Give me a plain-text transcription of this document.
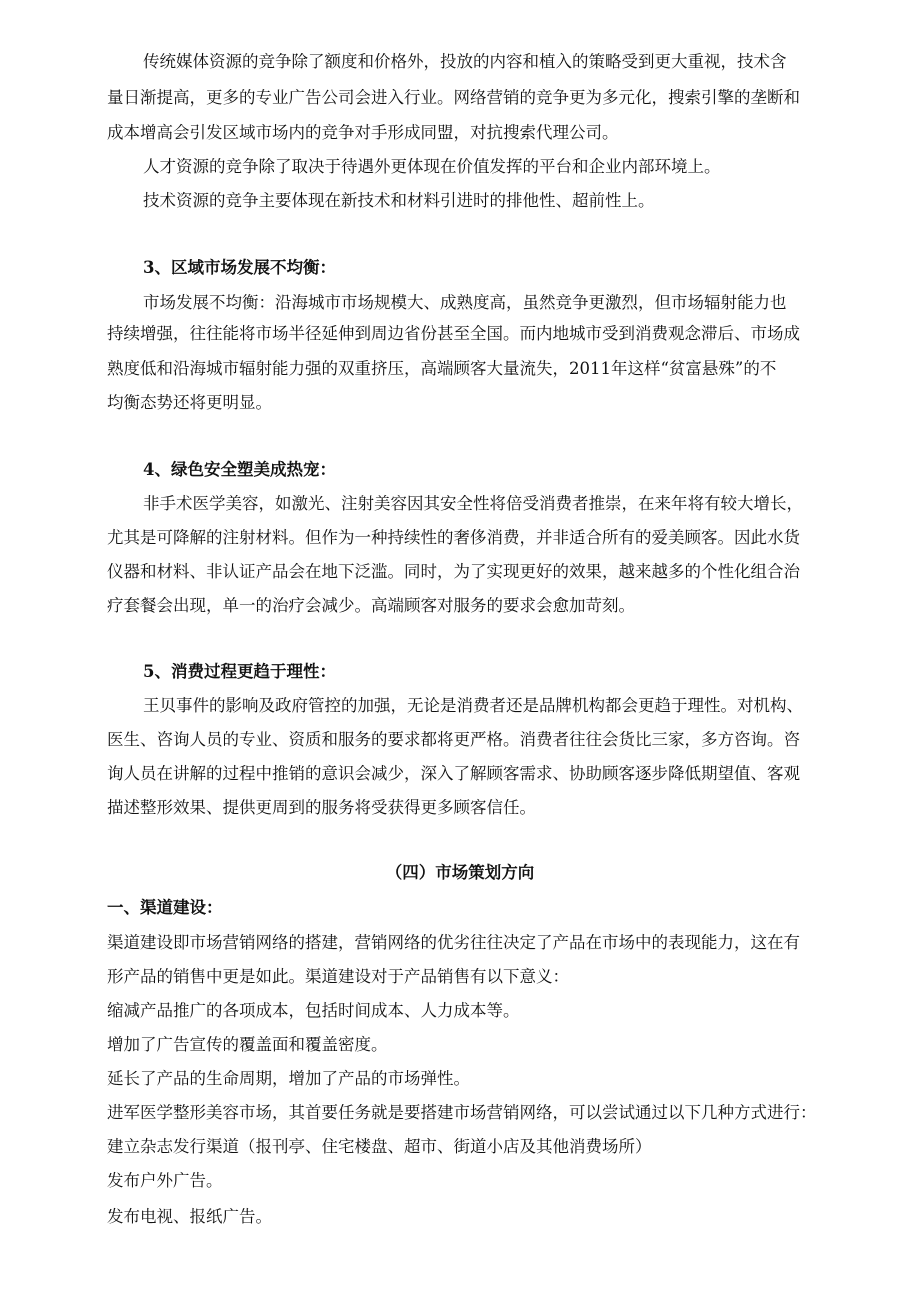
传统媒体资源的竞争除了额度和价格外，投放的内容和植入的策略受到更大重视，技术含
量日渐提高，更多的专业广告公司会进入行业。网络营销的竞争更为多元化，搜索引擎的垄断和
成本增高会引发区域市场内的竞争对手形成同盟，对抗搜索代理公司。
人才资源的竞争除了取决于待遇外更体现在价值发挥的平台和企业内部环境上。
技术资源的竞争主要体现在新技术和材料引进时的排他性、超前性上。
3、区域市场发展不均衡：
市场发展不均衡：沿海城市市场规模大、成熟度高，虽然竞争更激烈，但市场辐射能力也
持续增强，往往能将市场半径延伸到周边省份甚至全国。而内地城市受到消费观念滞后、市场成
熟度低和沿海城市辐射能力强的双重挤压，高端顾客大量流失，2011年这样“贫富悬殊”的不
均衡态势还将更明显。
4、绿色安全塑美成热宠：
非手术医学美容，如激光、注射美容因其安全性将倍受消费者推崇，在来年将有较大增长，
尤其是可降解的注射材料。但作为一种持续性的奢侈消费，并非适合所有的爱美顾客。因此水货
仪器和材料、非认证产品会在地下泛滥。同时，为了实现更好的效果，越来越多的个性化组合治
疗套餐会出现，单一的治疗会减少。高端顾客对服务的要求会愈加苛刻。
5、消费过程更趋于理性：
王贝事件的影响及政府管控的加强，无论是消费者还是品牌机构都会更趋于理性。对机构、
医生、咨询人员的专业、资质和服务的要求都将更严格。消费者往往会货比三家，多方咨询。咨
询人员在讲解的过程中推销的意识会减少，深入了解顾客需求、协助顾客逐步降低期望值、客观
描述整形效果、提供更周到的服务将受获得更多顾客信任。
（四）市场策划方向
一、渠道建设：
渠道建设即市场营销网络的搭建，营销网络的优劣往往决定了产品在市场中的表现能力，这在有
形产品的销售中更是如此。渠道建设对于产品销售有以下意义：
缩减产品推广的各项成本，包括时间成本、人力成本等。
增加了广告宣传的覆盖面和覆盖密度。
延长了产品的生命周期，增加了产品的市场弹性。
进军医学整形美容市场，其首要任务就是要搭建市场营销网络，可以尝试通过以下几种方式进行：
建立杂志发行渠道（报刊亭、住宅楼盘、超市、街道小店及其他消费场所）
发布户外广告。
发布电视、报纸广告。
